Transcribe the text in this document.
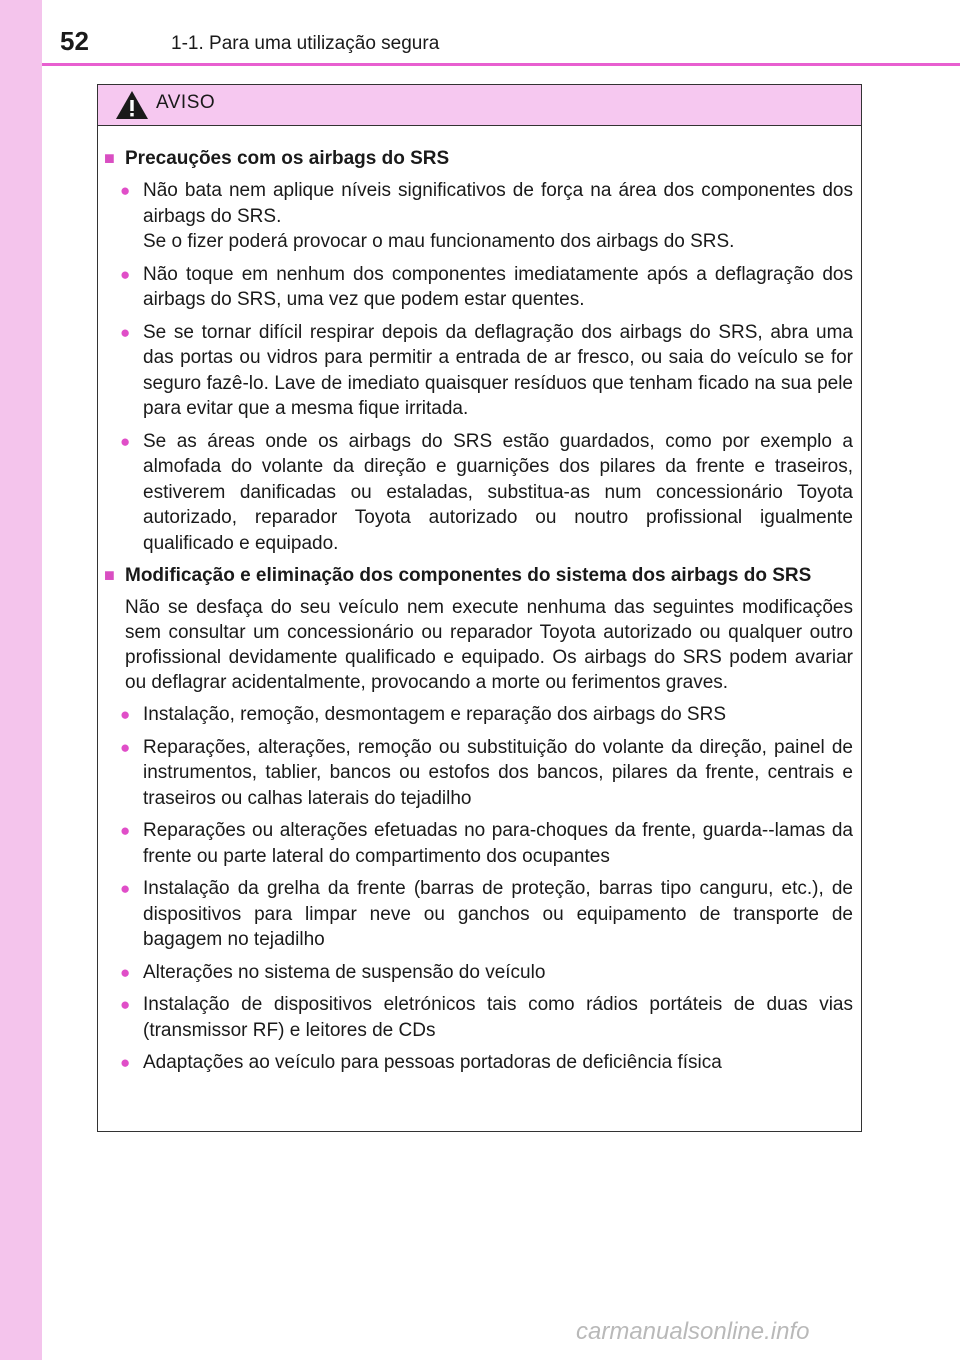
52	1-1. Para uma utilização segura
AVISO
■ Precauções com os airbags do SRS
● Não bata nem aplique níveis significativos de força na área dos componentes dos airbags do SRS.
Se o fizer poderá provocar o mau funcionamento dos airbags do SRS.
● Não toque em nenhum dos componentes imediatamente após a deflagração dos airbags do SRS, uma vez que podem estar quentes.
● Se se tornar difícil respirar depois da deflagração dos airbags do SRS, abra uma das portas ou vidros para permitir a entrada de ar fresco, ou saia do veículo se for seguro fazê-lo. Lave de imediato quaisquer resíduos que tenham ficado na sua pele para evitar que a mesma fique irritada.
● Se as áreas onde os airbags do SRS estão guardados, como por exemplo a almofada do volante da direção e guarnições dos pilares da frente e traseiros, estiverem danificadas ou estaladas, substitua-as num concessionário Toyota autorizado, reparador Toyota autorizado ou noutro profissional igualmente qualificado e equipado.
■ Modificação e eliminação dos componentes do sistema dos airbags do SRS
Não se desfaça do seu veículo nem execute nenhuma das seguintes modificações sem consultar um concessionário ou reparador Toyota autorizado ou qualquer outro profissional devidamente qualificado e equipado. Os airbags do SRS podem avariar ou deflagrar acidentalmente, provocando a morte ou ferimentos graves.
● Instalação, remoção, desmontagem e reparação dos airbags do SRS
● Reparações, alterações, remoção ou substituição do volante da direção, painel de instrumentos, tablier, bancos ou estofos dos bancos, pilares da frente, centrais e traseiros ou calhas laterais do tejadilho
● Reparações ou alterações efetuadas no para-choques da frente, guarda--lamas da frente ou parte lateral do compartimento dos ocupantes
● Instalação da grelha da frente (barras de proteção, barras tipo canguru, etc.), de dispositivos para limpar neve ou ganchos ou equipamento de transporte de bagagem no tejadilho
● Alterações no sistema de suspensão do veículo
● Instalação de dispositivos eletrónicos tais como rádios portáteis de duas vias (transmissor RF) e leitores de CDs
● Adaptações ao veículo para pessoas portadoras de deficiência física
carmanualsonline.info
